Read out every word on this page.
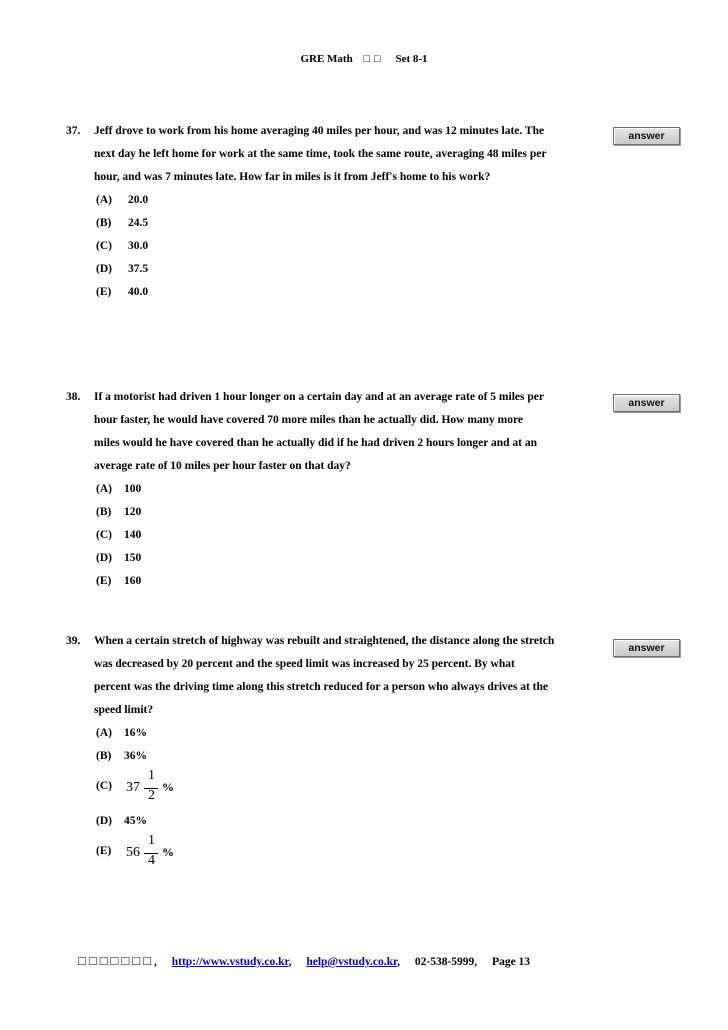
GRE Math □□ Set 8-1
37. Jeff drove to work from his home averaging 40 miles per hour, and was 12 minutes late. The
next day he left home for work at the same time, took the same route, averaging 48 miles per
hour, and was 7 minutes late. How far in miles is it from Jeff's home to his work?
(A) 20.0
(B) 24.5
(C) 30.0
(D) 37.5
(E) 40.0
answer
38. If a motorist had driven 1 hour longer on a certain day and at an average rate of 5 miles per
hour faster, he would have covered 70 more miles than he actually did. How many more
miles would he have covered than he actually did if he had driven 2 hours longer and at an
average rate of 10 miles per hour faster on that day?
(A) 100
(B) 120
(C) 140
(D) 150
(E) 160
answer
39. When a certain stretch of highway was rebuilt and straightened, the distance along the stretch
was decreased by 20 percent and the speed limit was increased by 25 percent. By what
percent was the driving time along this stretch reduced for a person who always drives at the
speed limit?
(A) 16%
(B) 36%
(C)	37
1
2
%
(D) 45%
(E)	56
1
4
%
answer
□□□□□□□, http://www.vstudy.co.kr, help@vstudy.co.kr, 02-538-5999, Page 13
